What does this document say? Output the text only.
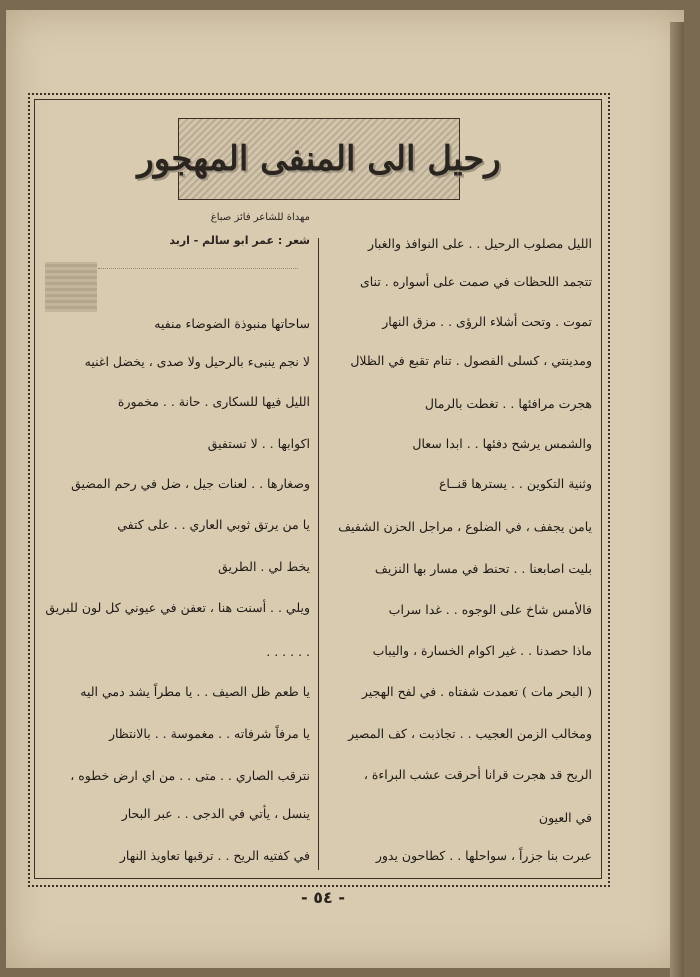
رحيل الى المنفى المهجور
مهداة للشاعر فائز صباغ
شعر : عمر ابو سالم - اربد	الليل مصلوب الرحيل . . على النوافذ والغبار
تتجمد اللحظات في صمت على أسواره . تناى
تموت . وتحت أشلاء الرؤى . . مزق النهار
ومدينتي ، كسلى الفصول . تنام تقبع في الظلال
هجرت مرافئها . . تغطت بالرمال
والشمس يرشح دفئها . . ابدا سعال
وثنية التكوين . . يسترها قنــاع
يامن يجفف ، في الضلوع ، مراجل الحزن الشفيف
بليت اصابعنا . . تحنط في مسار بها النزيف
فالأمس شاخ على الوجوه . . غدا سراب
ماذا حصدنا . . غير اكوام الخسارة ، واليباب
( البحر مات ) تعمدت شفتاه . في لفح الهجير
ومخالب الزمن العجيب . . تجاذبت ، كف المصير
الريح قد هجرت قرانا أحرقت عشب البراءة ،
في العيون
عبرت بنا جزراً ، سواحلها . . كطاحون يدور
ساحاتها منبوذة الضوضاء منفيه
لا نجم ينبىء بالرحيل ولا صدى ، يخضل اغنيه
الليل فيها للسكارى . حانة . . مخمورة
اكوابها . . لا تستفيق
وصغارها . . لعنات جيل ، ضل في رحم المضيق
يا من يرتق ثوبي العاري . . على كتفي
يخط لي . الطريق
ويلي . . أسنت هنا ، تعفن في عيوني كل لون للبريق
. . . . . .
يا طعم ظل الصيف . . يا مطراً يشد دمي اليه
يا مرفاً شرفاته . . مغموسة . . بالانتظار
نترقب الصاري . . متى . . من اي ارض خطوه ،
ينسل ، يأتي في الدجى . . عبر البحار
في كفتيه الريح . . ترقبها تعاويذ النهار
- ٥٤ -
